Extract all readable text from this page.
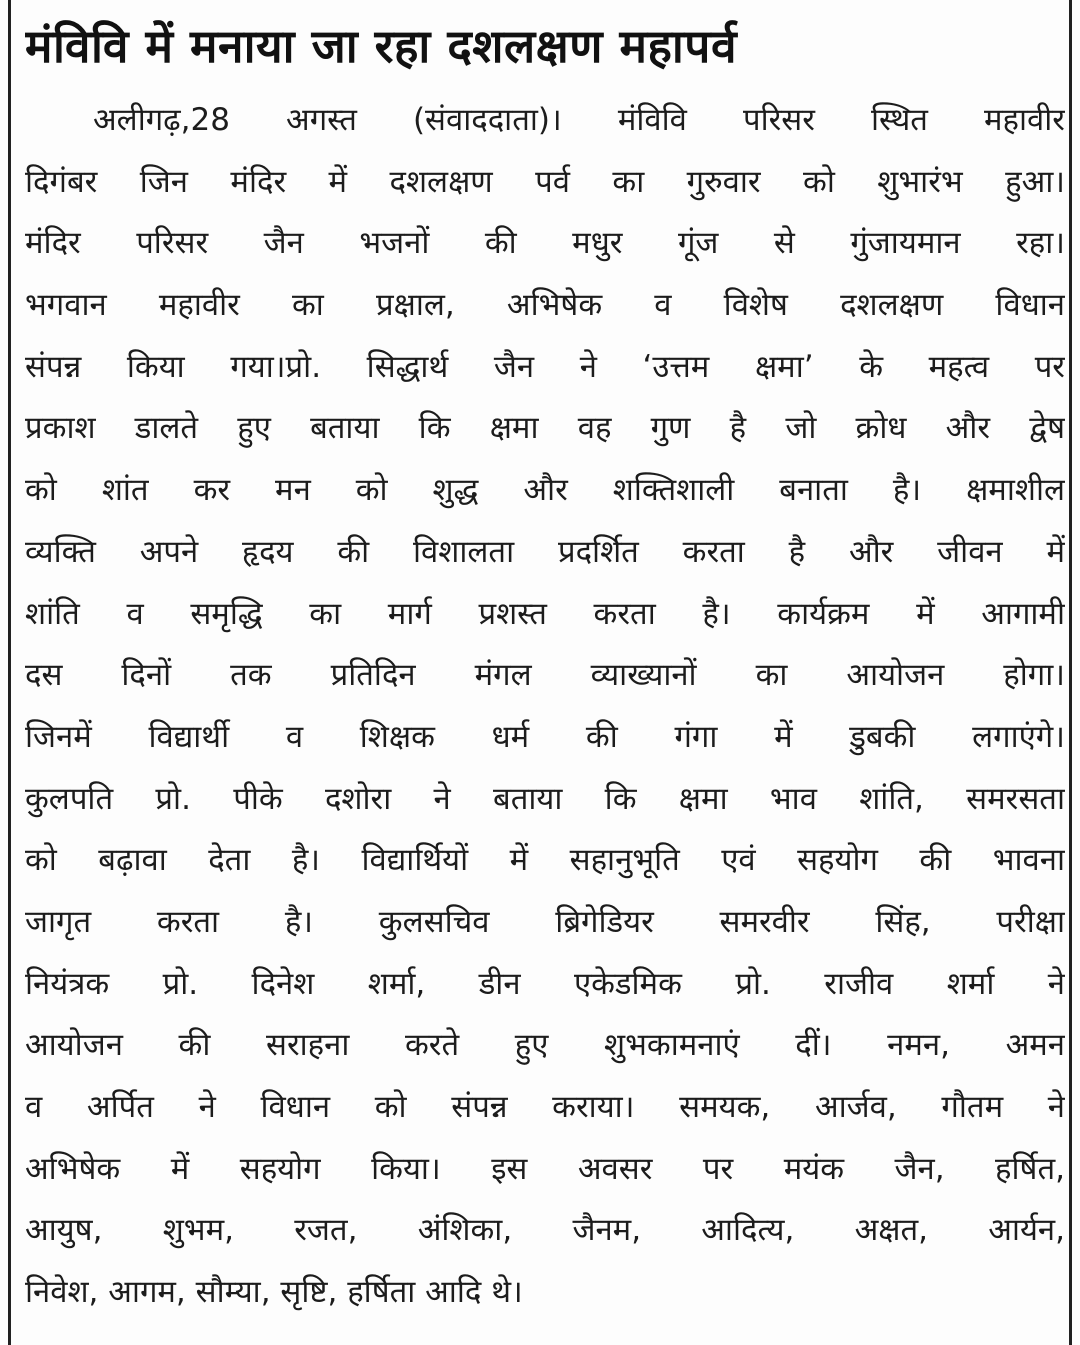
मंविवि में मनाया जा रहा दशलक्षण महापर्व
अलीगढ़,28 अगस्त (संवाददाता)। मंविवि परिसर स्थित महावीर
दिगंबर जिन मंदिर में दशलक्षण पर्व का गुरुवार को शुभारंभ हुआ।
मंदिर परिसर जैन भजनों की मधुर गूंज से गुंजायमान रहा।
भगवान महावीर का प्रक्षाल, अभिषेक व विशेष दशलक्षण विधान
संपन्न किया गया।प्रो. सिद्धार्थ जैन ने ‘उत्तम क्षमा’ के महत्व पर
प्रकाश डालते हुए बताया कि क्षमा वह गुण है जो क्रोध और द्वेष
को शांत कर मन को शुद्ध और शक्तिशाली बनाता है। क्षमाशील
व्यक्ति अपने हृदय की विशालता प्रदर्शित करता है और जीवन में
शांति व समृद्धि का मार्ग प्रशस्त करता है। कार्यक्रम में आगामी
दस दिनों तक प्रतिदिन मंगल व्याख्यानों का आयोजन होगा।
जिनमें विद्यार्थी व शिक्षक धर्म की गंगा में डुबकी लगाएंगे।
कुलपति प्रो. पीके दशोरा ने बताया कि क्षमा भाव शांति, समरसता
को बढ़ावा देता है। विद्यार्थियों में सहानुभूति एवं सहयोग की भावना
जागृत करता है। कुलसचिव ब्रिगेडियर समरवीर सिंह, परीक्षा
नियंत्रक प्रो. दिनेश शर्मा, डीन एकेडमिक प्रो. राजीव शर्मा ने
आयोजन की सराहना करते हुए शुभकामनाएं दीं। नमन, अमन
व अर्पित ने विधान को संपन्न कराया। समयक, आर्जव, गौतम ने
अभिषेक में सहयोग किया। इस अवसर पर मयंक जैन, हर्षित,
आयुष, शुभम, रजत, अंशिका, जैनम, आदित्य, अक्षत, आर्यन,
निवेश, आगम, सौम्या, सृष्टि, हर्षिता आदि थे।
